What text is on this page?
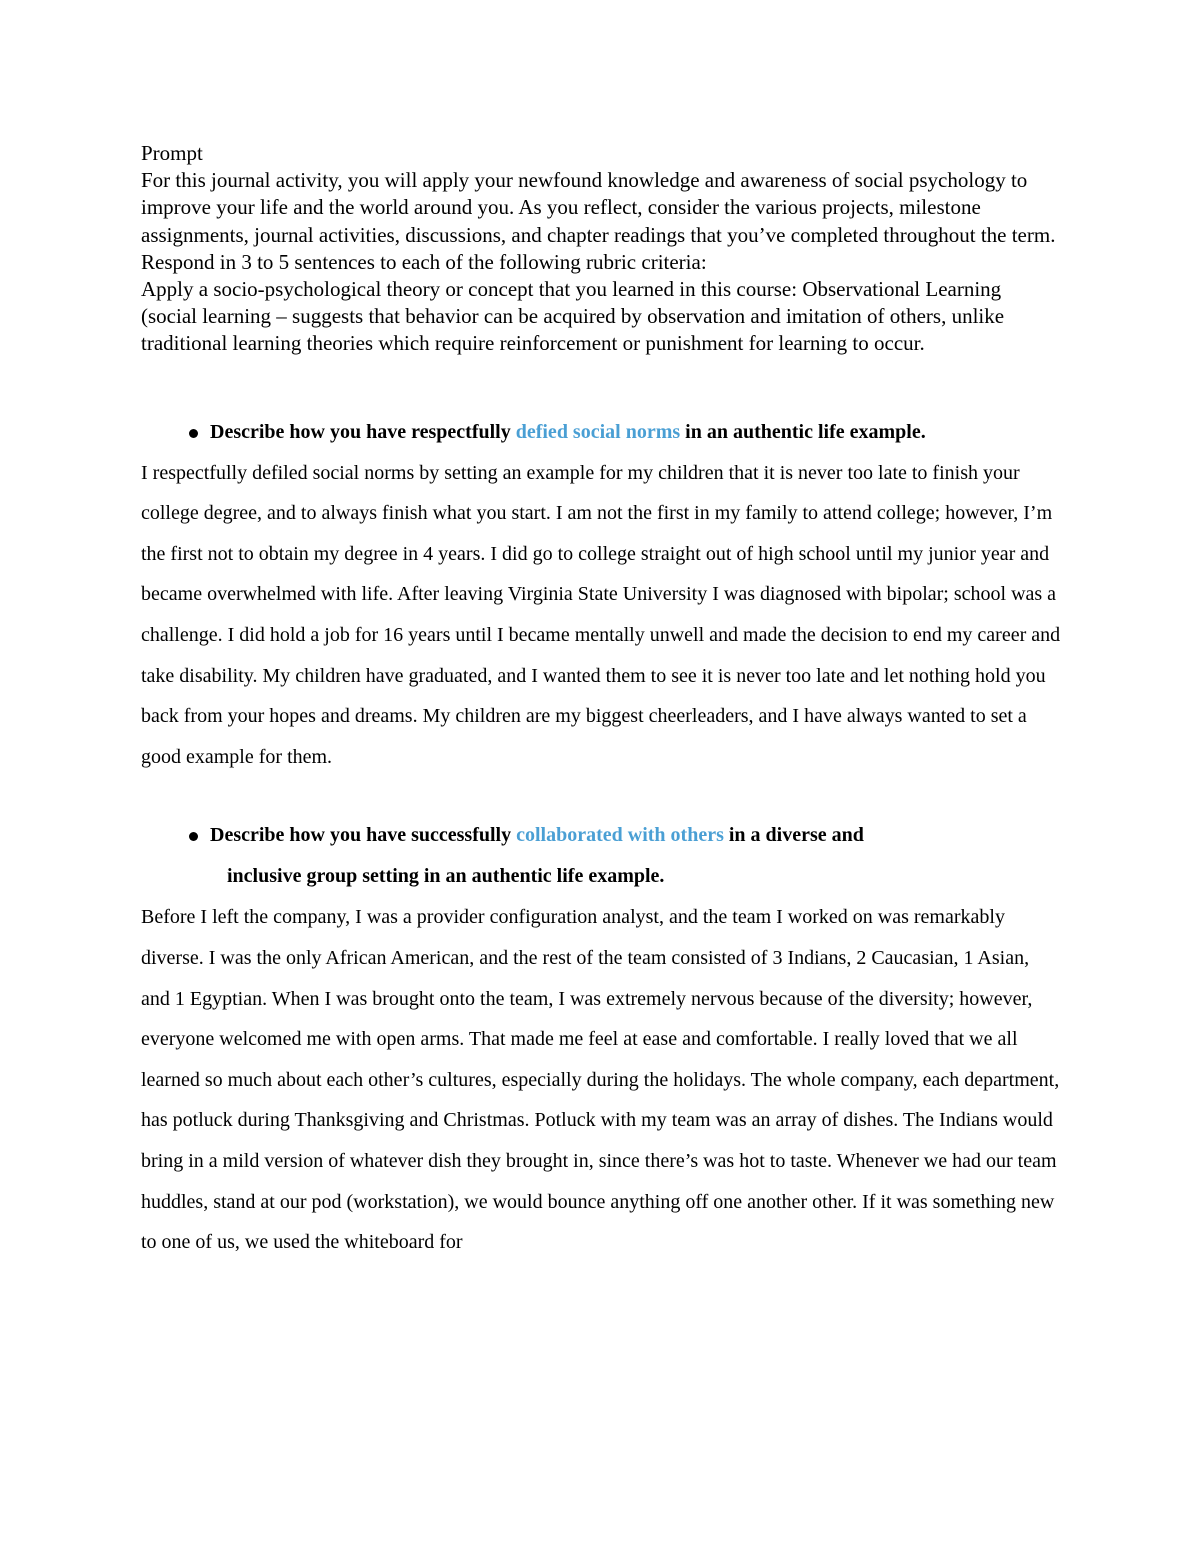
Prompt

For this journal activity, you will apply your newfound knowledge and awareness of social psychology to improve your life and the world around you. As you reflect, consider the various projects, milestone assignments, journal activities, discussions, and chapter readings that you’ve completed throughout the term. Respond in 3 to 5 sentences to each of the following rubric criteria:

Apply a socio-psychological theory or concept that you learned in this course: Observational Learning (social learning – suggests that behavior can be acquired by observation and imitation of others, unlike traditional learning theories which require reinforcement or punishment for learning to occur.

Describe how you have respectfully defied social norms in an authentic life example.

I respectfully defiled social norms by setting an example for my children that it is never too late to finish your college degree, and to always finish what you start. I am not the first in my family to attend college; however, I’m the first not to obtain my degree in 4 years. I did go to college straight out of high school until my junior year and became overwhelmed with life. After leaving Virginia State University I was diagnosed with bipolar; school was a challenge. I did hold a job for 16 years until I became mentally unwell and made the decision to end my career and take disability. My children have graduated, and I wanted them to see it is never too late and let nothing hold you back from your hopes and dreams. My children are my biggest cheerleaders, and I have always wanted to set a good example for them.

Describe how you have successfully collaborated with others in a diverse and
inclusive group setting in an authentic life example.

Before I left the company, I was a provider configuration analyst, and the team I worked on was remarkably diverse. I was the only African American, and the rest of the team consisted of 3 Indians, 2 Caucasian, 1 Asian, and 1 Egyptian. When I was brought onto the team, I was extremely nervous because of the diversity; however, everyone welcomed me with open arms. That made me feel at ease and comfortable. I really loved that we all learned so much about each other’s cultures, especially during the holidays. The whole company, each department, has potluck during Thanksgiving and Christmas. Potluck with my team was an array of dishes. The Indians would bring in a mild version of whatever dish they brought in, since there’s was hot to taste. Whenever we had our team huddles, stand at our pod (workstation), we would bounce anything off one another other. If it was something new to one of us, we used the whiteboard for
